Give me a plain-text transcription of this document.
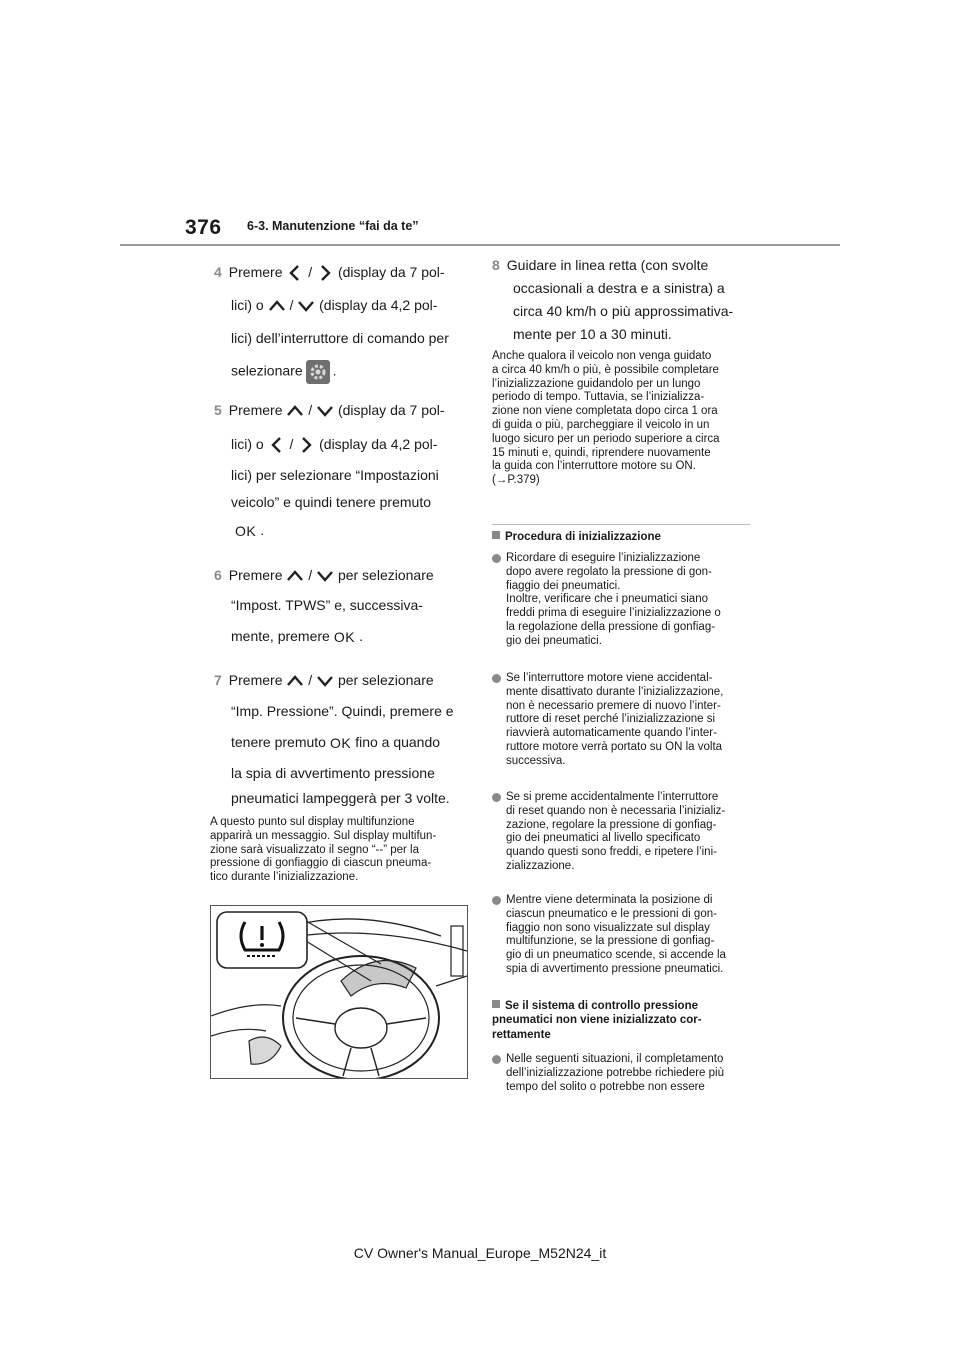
376 6-3. Manutenzione “fai da te”
4 Premere / (display da 7 pol-
lici) o / (display da 4,2 pol-
lici) dell’interruttore di comando per
selezionare .
5 Premere / (display da 7 pol-
lici) o / (display da 4,2 pol-
lici) per selezionare “Impostazioni
veicolo” e quindi tenere premuto
OK .
6 Premere / per selezionare
“Impost. TPWS” e, successiva-
mente, premere OK .
7 Premere / per selezionare
“Imp. Pressione”. Quindi, premere e
tenere premuto OK fino a quando
la spia di avvertimento pressione
pneumatici lampeggerà per 3 volte.
A questo punto sul display multifunzione
apparirà un messaggio. Sul display multifun-
zione sarà visualizzato il segno “--” per la
pressione di gonfiaggio di ciascun pneuma-
tico durante l’inizializzazione.
8 Guidare in linea retta (con svolte
occasionali a destra e a sinistra) a
circa 40 km/h o più approssimativa-
mente per 10 a 30 minuti.
Anche qualora il veicolo non venga guidato
a circa 40 km/h o più, è possibile completare
l’inizializzazione guidandolo per un lungo
periodo di tempo. Tuttavia, se l’inizializza-
zione non viene completata dopo circa 1 ora
di guida o più, parcheggiare il veicolo in un
luogo sicuro per un periodo superiore a circa
15 minuti e, quindi, riprendere nuovamente
la guida con l’interruttore motore su ON.
(→P.379)
Procedura di inizializzazione
Ricordare di eseguire l’inizializzazione
dopo avere regolato la pressione di gon-
fiaggio dei pneumatici.
Inoltre, verificare che i pneumatici siano
freddi prima di eseguire l’inizializzazione o
la regolazione della pressione di gonfiag-
gio dei pneumatici.
Se l’interruttore motore viene accidental-
mente disattivato durante l’inizializzazione,
non è necessario premere di nuovo l’inter-
ruttore di reset perché l’inizializzazione si
riavvierà automaticamente quando l’inter-
ruttore motore verrà portato su ON la volta
successiva.
Se si preme accidentalmente l’interruttore
di reset quando non è necessaria l’inizializ-
zazione, regolare la pressione di gonfiag-
gio dei pneumatici al livello specificato
quando questi sono freddi, e ripetere l’ini-
zializzazione.
Mentre viene determinata la posizione di
ciascun pneumatico e le pressioni di gon-
fiaggio non sono visualizzate sul display
multifunzione, se la pressione di gonfiag-
gio di un pneumatico scende, si accende la
spia di avvertimento pressione pneumatici.
Se il sistema di controllo pressione
pneumatici non viene inizializzato cor-
rettamente
Nelle seguenti situazioni, il completamento
dell’inizializzazione potrebbe richiedere più
tempo del solito o potrebbe non essere
CV Owner's Manual_Europe_M52N24_it
